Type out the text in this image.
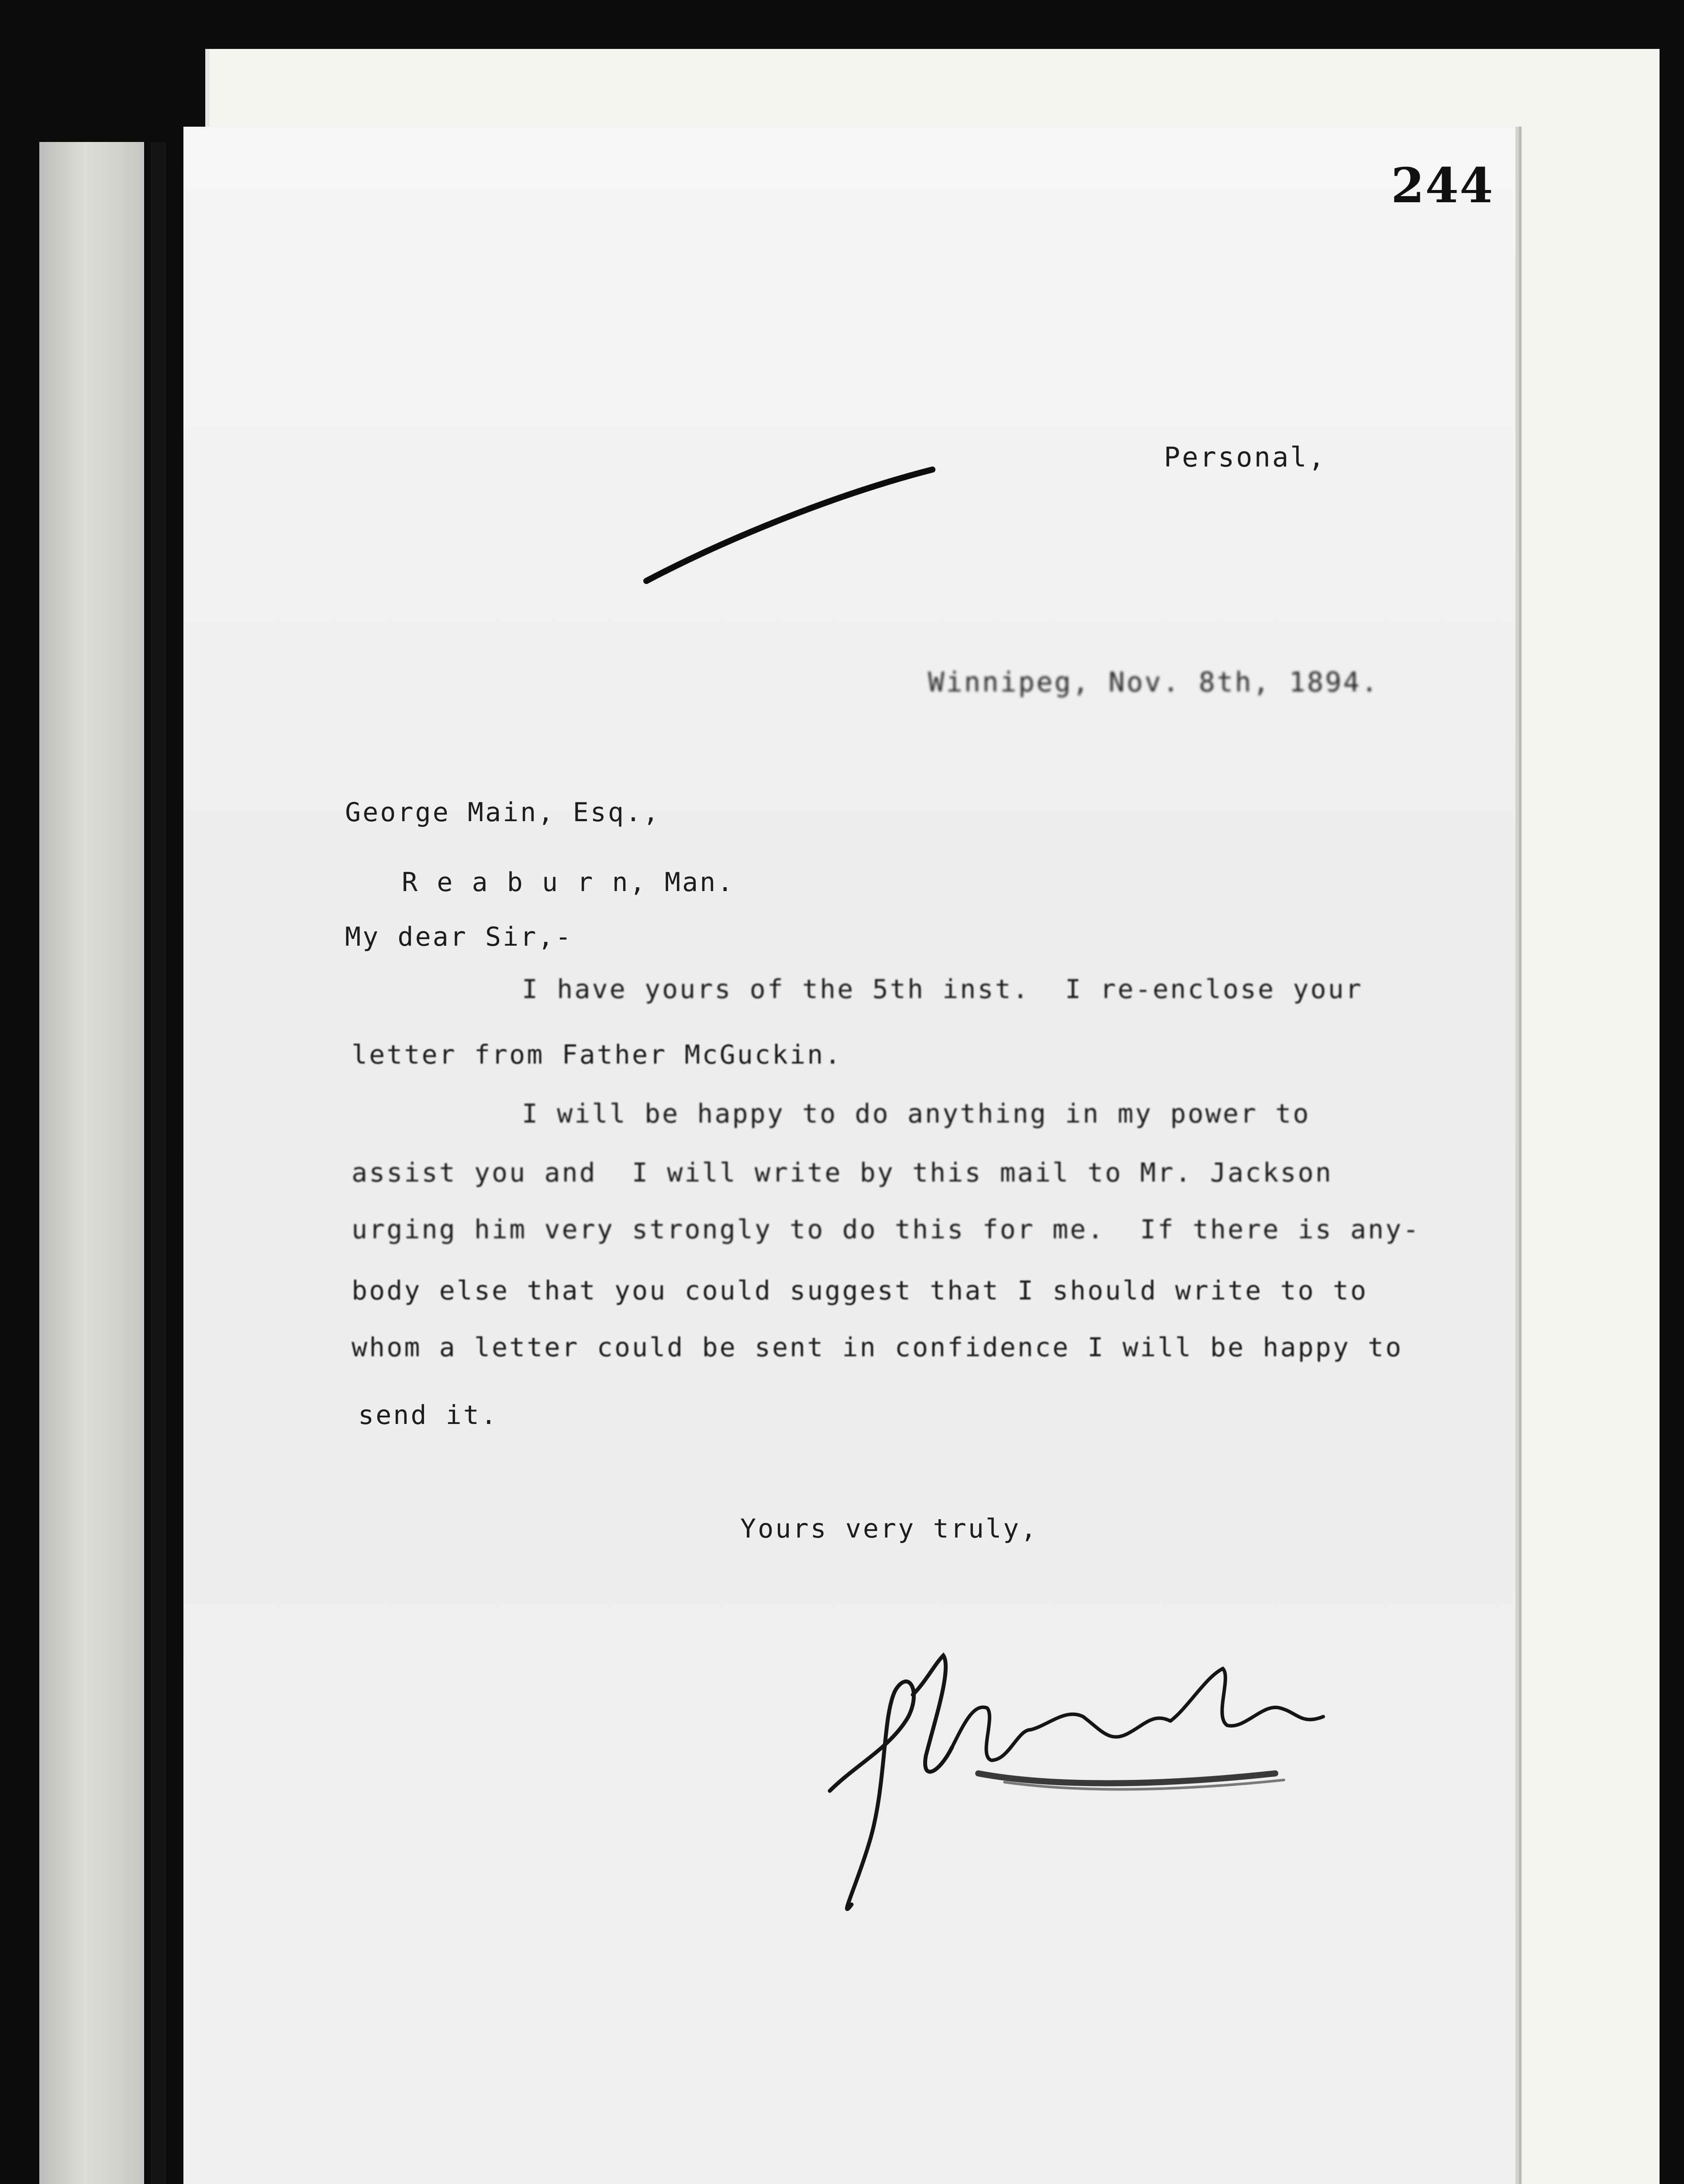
244
Personal,
Winnipeg, Nov. 8th, 1894.
George Main, Esq.,
R e a b u r n, Man.
My dear Sir,-
I have yours of the 5th inst.  I re-enclose your
letter from Father McGuckin.
I will be happy to do anything in my power to
assist you and  I will write by this mail to Mr. Jackson
urging him very strongly to do this for me.  If there is any-
body else that you could suggest that I should write to to
whom a letter could be sent in confidence I will be happy to
send it.
Yours very truly,
